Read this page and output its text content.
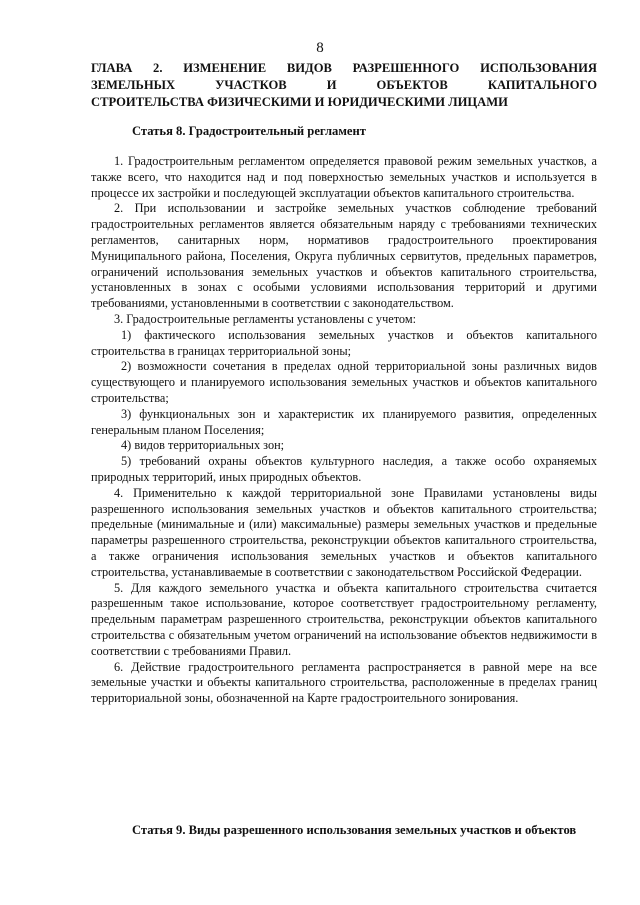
8
ГЛАВА 2. ИЗМЕНЕНИЕ ВИДОВ РАЗРЕШЕННОГО ИСПОЛЬЗОВАНИЯ
ЗЕМЕЛЬНЫХ УЧАСТКОВ И ОБЪЕКТОВ КАПИТАЛЬНОГО
СТРОИТЕЛЬСТВА ФИЗИЧЕСКИМИ И ЮРИДИЧЕСКИМИ ЛИЦАМИ
Статья 8. Градостроительный регламент

1. Градостроительным регламентом определяется правовой режим земельных участков, а также всего, что находится над и под поверхностью земельных участков и используется в процессе их застройки и последующей эксплуатации объектов капитального строительства.

2. При использовании и застройке земельных участков соблюдение требований градостроительных регламентов является обязательным наряду с требованиями технических регламентов, санитарных норм, нормативов градостроительного проектирования Муниципального района, Поселения, Округа публичных сервитутов, предельных параметров, ограничений использования земельных участков и объектов капитального строительства, установленных в зонах с особыми условиями использования территорий и другими требованиями, установленными в соответствии с законодательством.

3. Градостроительные регламенты установлены с учетом:

1) фактического использования земельных участков и объектов капитального строительства в границах территориальной зоны;

2) возможности сочетания в пределах одной территориальной зоны различных видов существующего и планируемого использования земельных участков и объектов капитального строительства;

3) функциональных зон и характеристик их планируемого развития, определенных генеральным планом Поселения;

4) видов территориальных зон;

5) требований охраны объектов культурного наследия, а также особо охраняемых природных территорий, иных природных объектов.

4. Применительно к каждой территориальной зоне Правилами установлены виды разрешенного использования земельных участков и объектов капитального строительства; предельные (минимальные и (или) максимальные) размеры земельных участков и предельные параметры разрешенного строительства, реконструкции объектов капитального строительства, а также ограничения использования земельных участков и объектов капитального строительства, устанавливаемые в соответствии с законодательством Российской Федерации.

5. Для каждого земельного участка и объекта капитального строительства считается разрешенным такое использование, которое соответствует градостроительному регламенту, предельным параметрам разрешенного строительства, реконструкции объектов капитального строительства с обязательным учетом ограничений на использование объектов недвижимости в соответствии с требованиями Правил.

6. Действие градостроительного регламента распространяется в равной мере на все земельные участки и объекты капитального строительства, расположенные в пределах границ территориальной зоны, обозначенной на Карте градостроительного зонирования.

Статья 9. Виды разрешенного использования земельных участков и объектов
